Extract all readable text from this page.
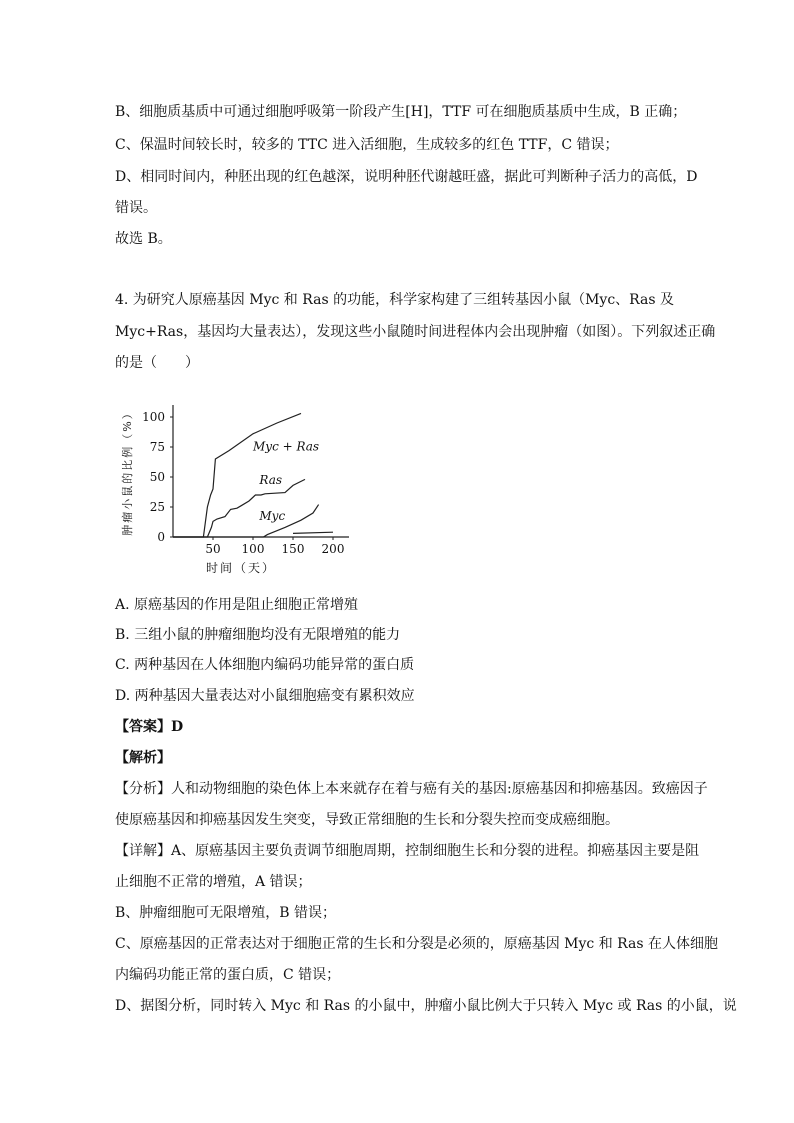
B、细胞质基质中可通过细胞呼吸第一阶段产生[H]，TTF 可在细胞质基质中生成，B 正确；
C、保温时间较长时，较多的 TTC 进入活细胞，生成较多的红色 TTF，C 错误；
D、相同时间内，种胚出现的红色越深，说明种胚代谢越旺盛，据此可判断种子活力的高低，D
错误。
故选 B。
4. 为研究人原癌基因 Myc 和 Ras 的功能，科学家构建了三组转基因小鼠（Myc、Ras 及
Myc+Ras，基因均大量表达），发现这些小鼠随时间进程体内会出现肿瘤（如图）。下列叙述正确
的是（　　）
0
25
50
75
100
50 100 150 200
时间（天）
肿瘤小鼠的比例（%）	Myc + Ras
Ras
Myc
A. 原癌基因的作用是阻止细胞正常增殖
B. 三组小鼠的肿瘤细胞均没有无限增殖的能力
C. 两种基因在人体细胞内编码功能异常的蛋白质
D. 两种基因大量表达对小鼠细胞癌变有累积效应
【答案】D
【解析】
【分析】人和动物细胞的染色体上本来就存在着与癌有关的基因:原癌基因和抑癌基因。致癌因子
使原癌基因和抑癌基因发生突变，导致正常细胞的生长和分裂失控而变成癌细胞。
【详解】A、原癌基因主要负责调节细胞周期，控制细胞生长和分裂的进程。抑癌基因主要是阻
止细胞不正常的增殖，A 错误；
B、肿瘤细胞可无限增殖，B 错误；
C、原癌基因的正常表达对于细胞正常的生长和分裂是必须的，原癌基因 Myc 和 Ras 在人体细胞
内编码功能正常的蛋白质，C 错误；
D、据图分析，同时转入 Myc 和 Ras 的小鼠中，肿瘤小鼠比例大于只转入 Myc 或 Ras 的小鼠，说
